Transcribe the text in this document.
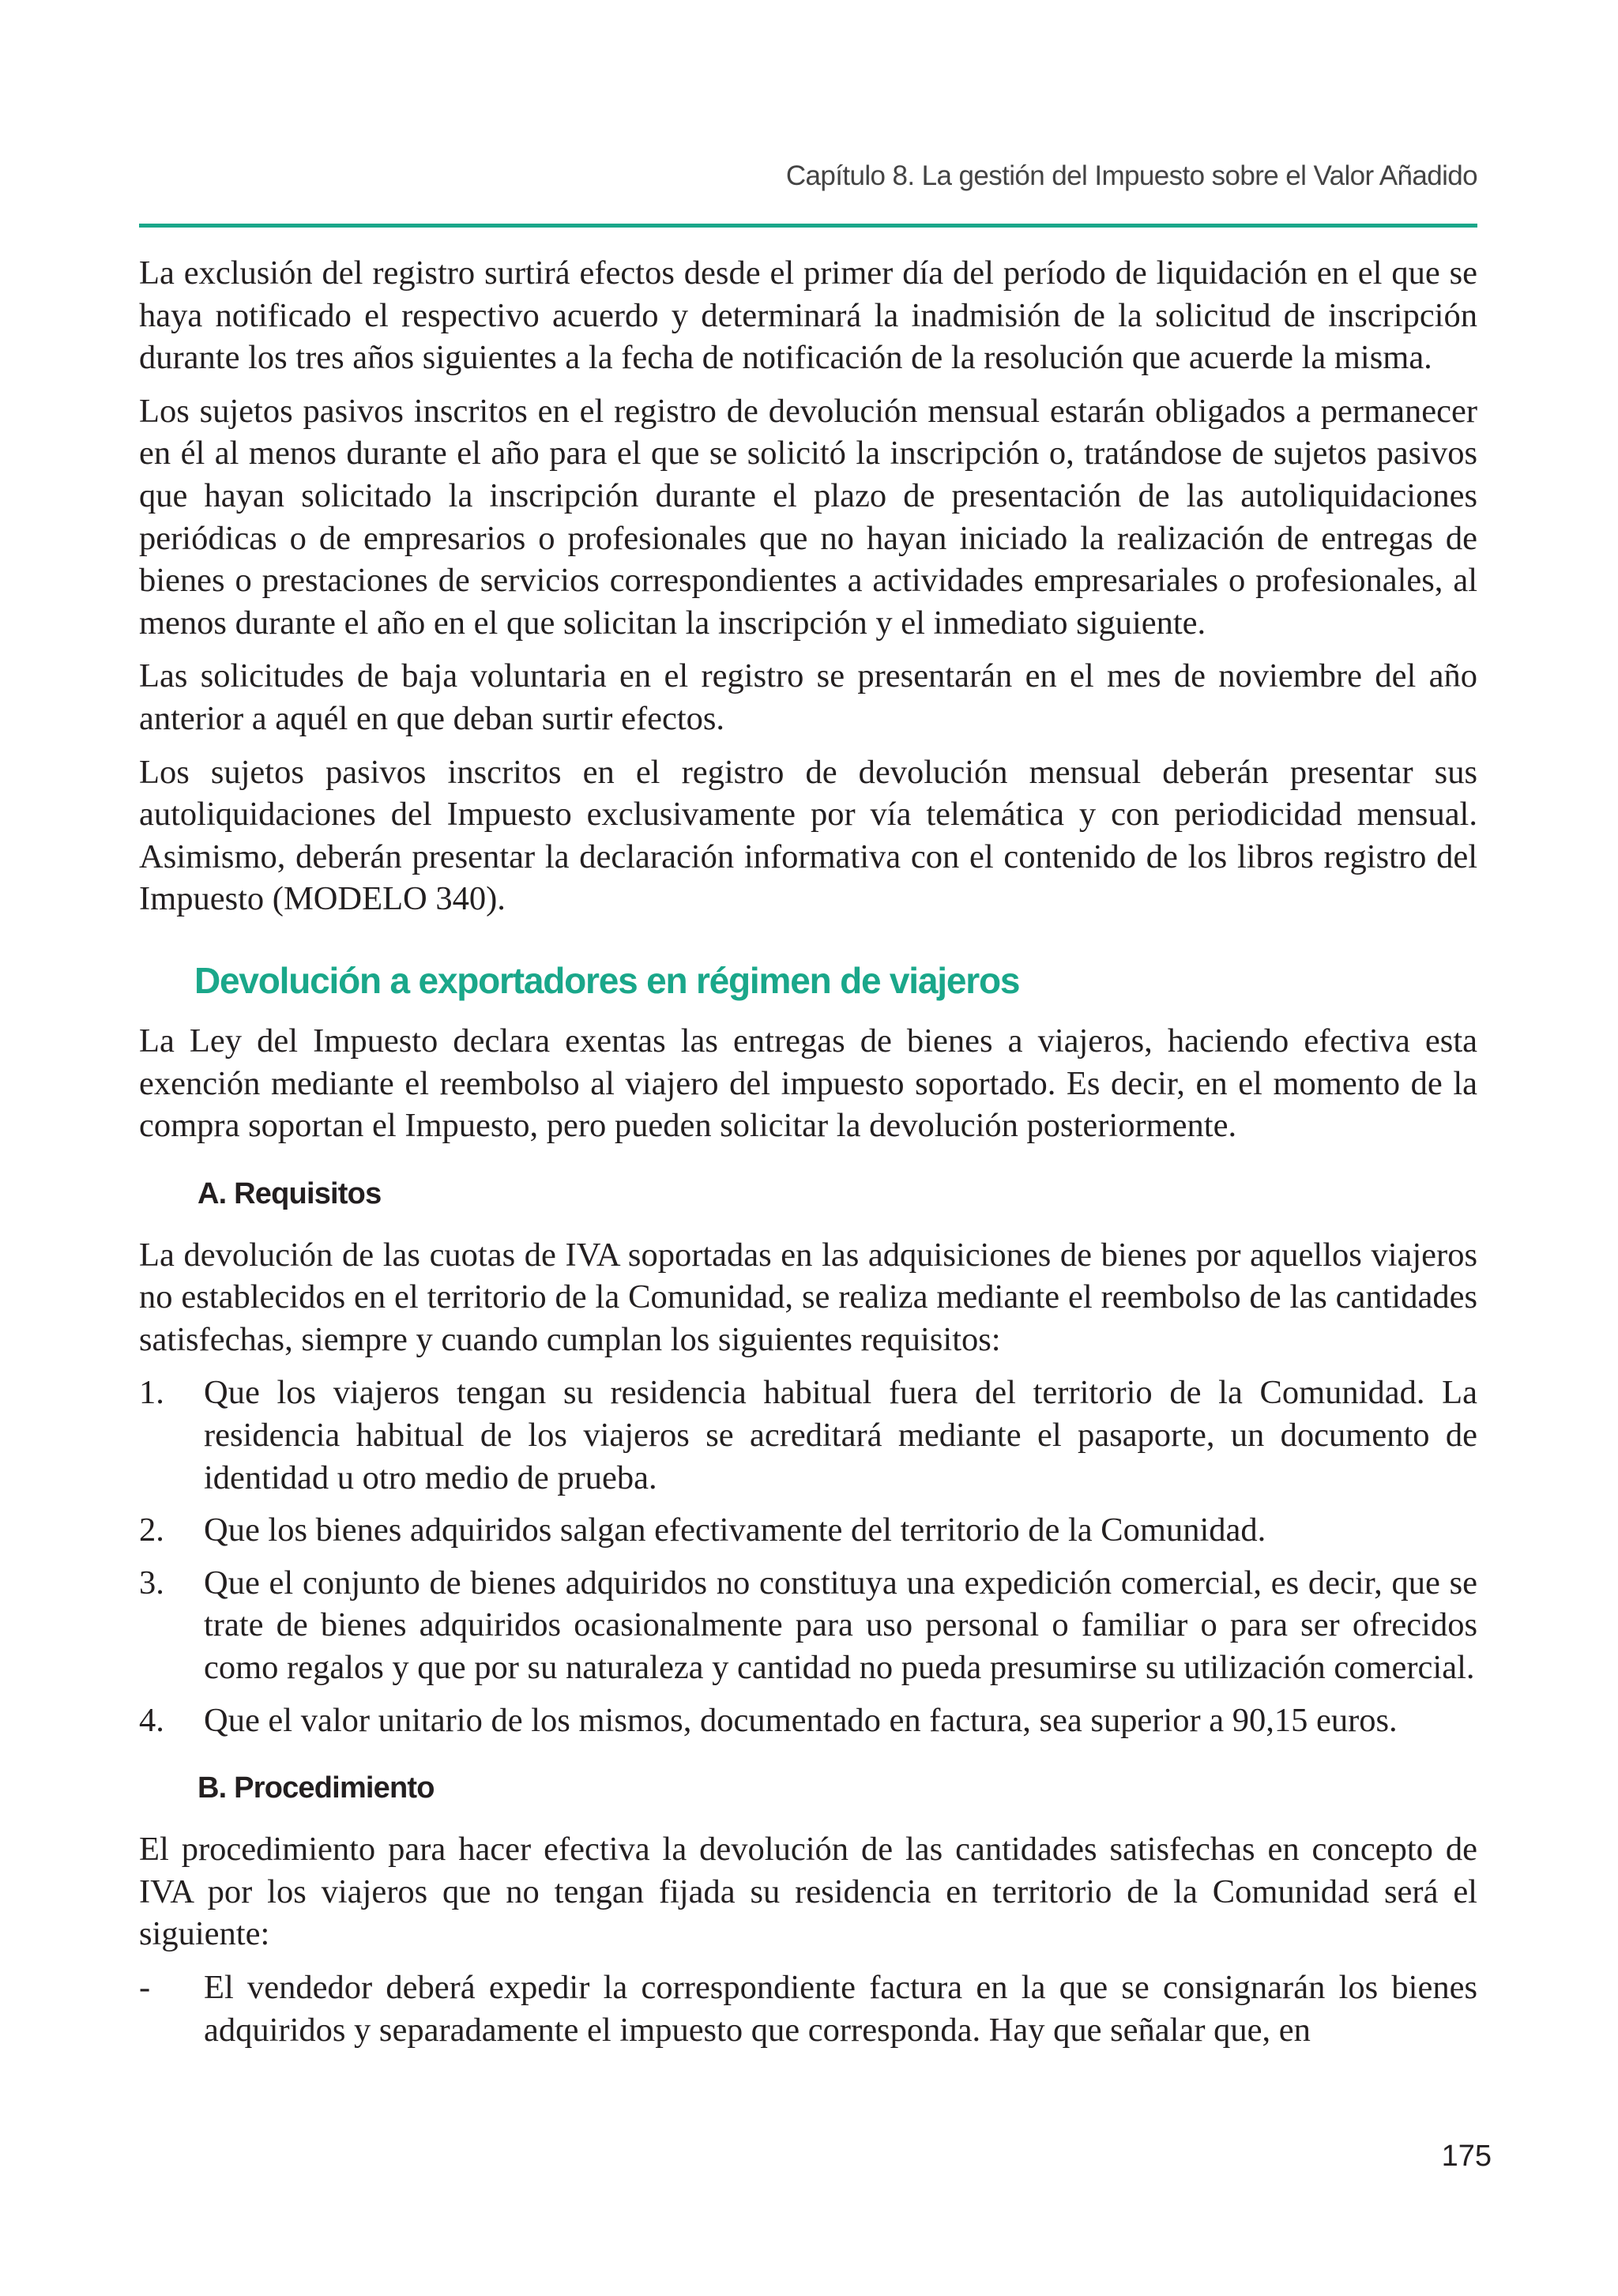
Capítulo 8. La gestión del Impuesto sobre el Valor Añadido

La exclusión del registro surtirá efectos desde el primer día del período de liquidación en el que se haya notificado el respectivo acuerdo y determinará la inadmisión de la solicitud de inscripción durante los tres años siguientes a la fecha de notificación de la resolución que acuerde la misma.

Los sujetos pasivos inscritos en el registro de devolución mensual estarán obligados a permanecer en él al menos durante el año para el que se solicitó la inscripción o, tratándose de sujetos pasivos que hayan solicitado la inscripción durante el plazo de presentación de las autoliquidaciones periódicas o de empresarios o profesionales que no hayan iniciado la realización de entregas de bienes o prestaciones de servicios correspondientes a actividades empresariales o profesionales, al menos durante el año en el que solicitan la inscripción y el inmediato siguiente.

Las solicitudes de baja voluntaria en el registro se presentarán en el mes de noviembre del año anterior a aquél en que deban surtir efectos.

Los sujetos pasivos inscritos en el registro de devolución mensual deberán presentar sus autoliquidaciones del Impuesto exclusivamente por vía telemática y con periodicidad mensual. Asimismo, deberán presentar la declaración informativa con el contenido de los libros registro del Impuesto (MODELO 340).

Devolución a exportadores en régimen de viajeros

La Ley del Impuesto declara exentas las entregas de bienes a viajeros, haciendo efectiva esta exención mediante el reembolso al viajero del impuesto soportado. Es decir, en el momento de la compra soportan el Impuesto, pero pueden solicitar la devolución posteriormente.

A. Requisitos

La devolución de las cuotas de IVA soportadas en las adquisiciones de bienes por aquellos viajeros no establecidos en el territorio de la Comunidad, se realiza mediante el reembolso de las cantidades satisfechas, siempre y cuando cumplan los siguientes requisitos:

1.	Que los viajeros tengan su residencia habitual fuera del territorio de la Comunidad. La residencia habitual de los viajeros se acreditará mediante el pasaporte, un documento de identidad u otro medio de prueba.
2.	Que los bienes adquiridos salgan efectivamente del territorio de la Comunidad.
3.	Que el conjunto de bienes adquiridos no constituya una expedición comercial, es decir, que se trate de bienes adquiridos ocasionalmente para uso personal o familiar o para ser ofrecidos como regalos y que por su naturaleza y cantidad no pueda presumirse su utilización comercial.
4.	Que el valor unitario de los mismos, documentado en factura, sea superior a 90,15 euros.
B. Procedimiento

El procedimiento para hacer efectiva la devolución de las cantidades satisfechas en concepto de IVA por los viajeros que no tengan fijada su residencia en territorio de la Comunidad será el siguiente:

-	El vendedor deberá expedir la correspondiente factura en la que se consignarán los bienes adquiridos y separadamente el impuesto que corresponda. Hay que señalar que, en
175
